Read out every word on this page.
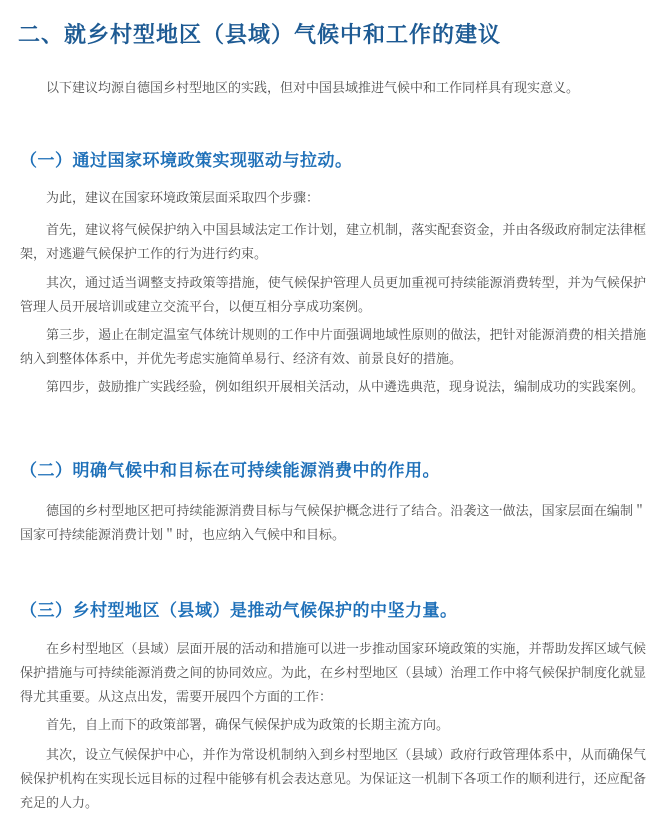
二、就乡村型地区（县域）气候中和工作的建议

以下建议均源自德国乡村型地区的实践，但对中国县域推进气候中和工作同样具有现实意义。

（一）通过国家环境政策实现驱动与拉动。

为此，建议在国家环境政策层面采取四个步骤：

首先，建议将气候保护纳入中国县域法定工作计划，建立机制，落实配套资金，并由各级政府制定法律框架，对逃避气候保护工作的行为进行约束。

其次，通过适当调整支持政策等措施，使气候保护管理人员更加重视可持续能源消费转型，并为气候保护管理人员开展培训或建立交流平台，以便互相分享成功案例。

第三步，遏止在制定温室气体统计规则的工作中片面强调地域性原则的做法，把针对能源消费的相关措施纳入到整体体系中，并优先考虑实施简单易行、经济有效、前景良好的措施。

第四步，鼓励推广实践经验，例如组织开展相关活动，从中遴选典范，现身说法，编制成功的实践案例。

（二）明确气候中和目标在可持续能源消费中的作用。

德国的乡村型地区把可持续能源消费目标与气候保护概念进行了结合。沿袭这一做法，国家层面在编制＂国家可持续能源消费计划＂时，也应纳入气候中和目标。

（三）乡村型地区（县域）是推动气候保护的中坚力量。

在乡村型地区（县域）层面开展的活动和措施可以进一步推动国家环境政策的实施，并帮助发挥区域气候保护措施与可持续能源消费之间的协同效应。为此，在乡村型地区（县域）治理工作中将气候保护制度化就显得尤其重要。从这点出发，需要开展四个方面的工作：

首先，自上而下的政策部署，确保气候保护成为政策的长期主流方向。

其次，设立气候保护中心，并作为常设机制纳入到乡村型地区（县域）政府行政管理体系中，从而确保气候保护机构在实现长远目标的过程中能够有机会表达意见。为保证这一机制下各项工作的顺利进行，还应配备充足的人力。
